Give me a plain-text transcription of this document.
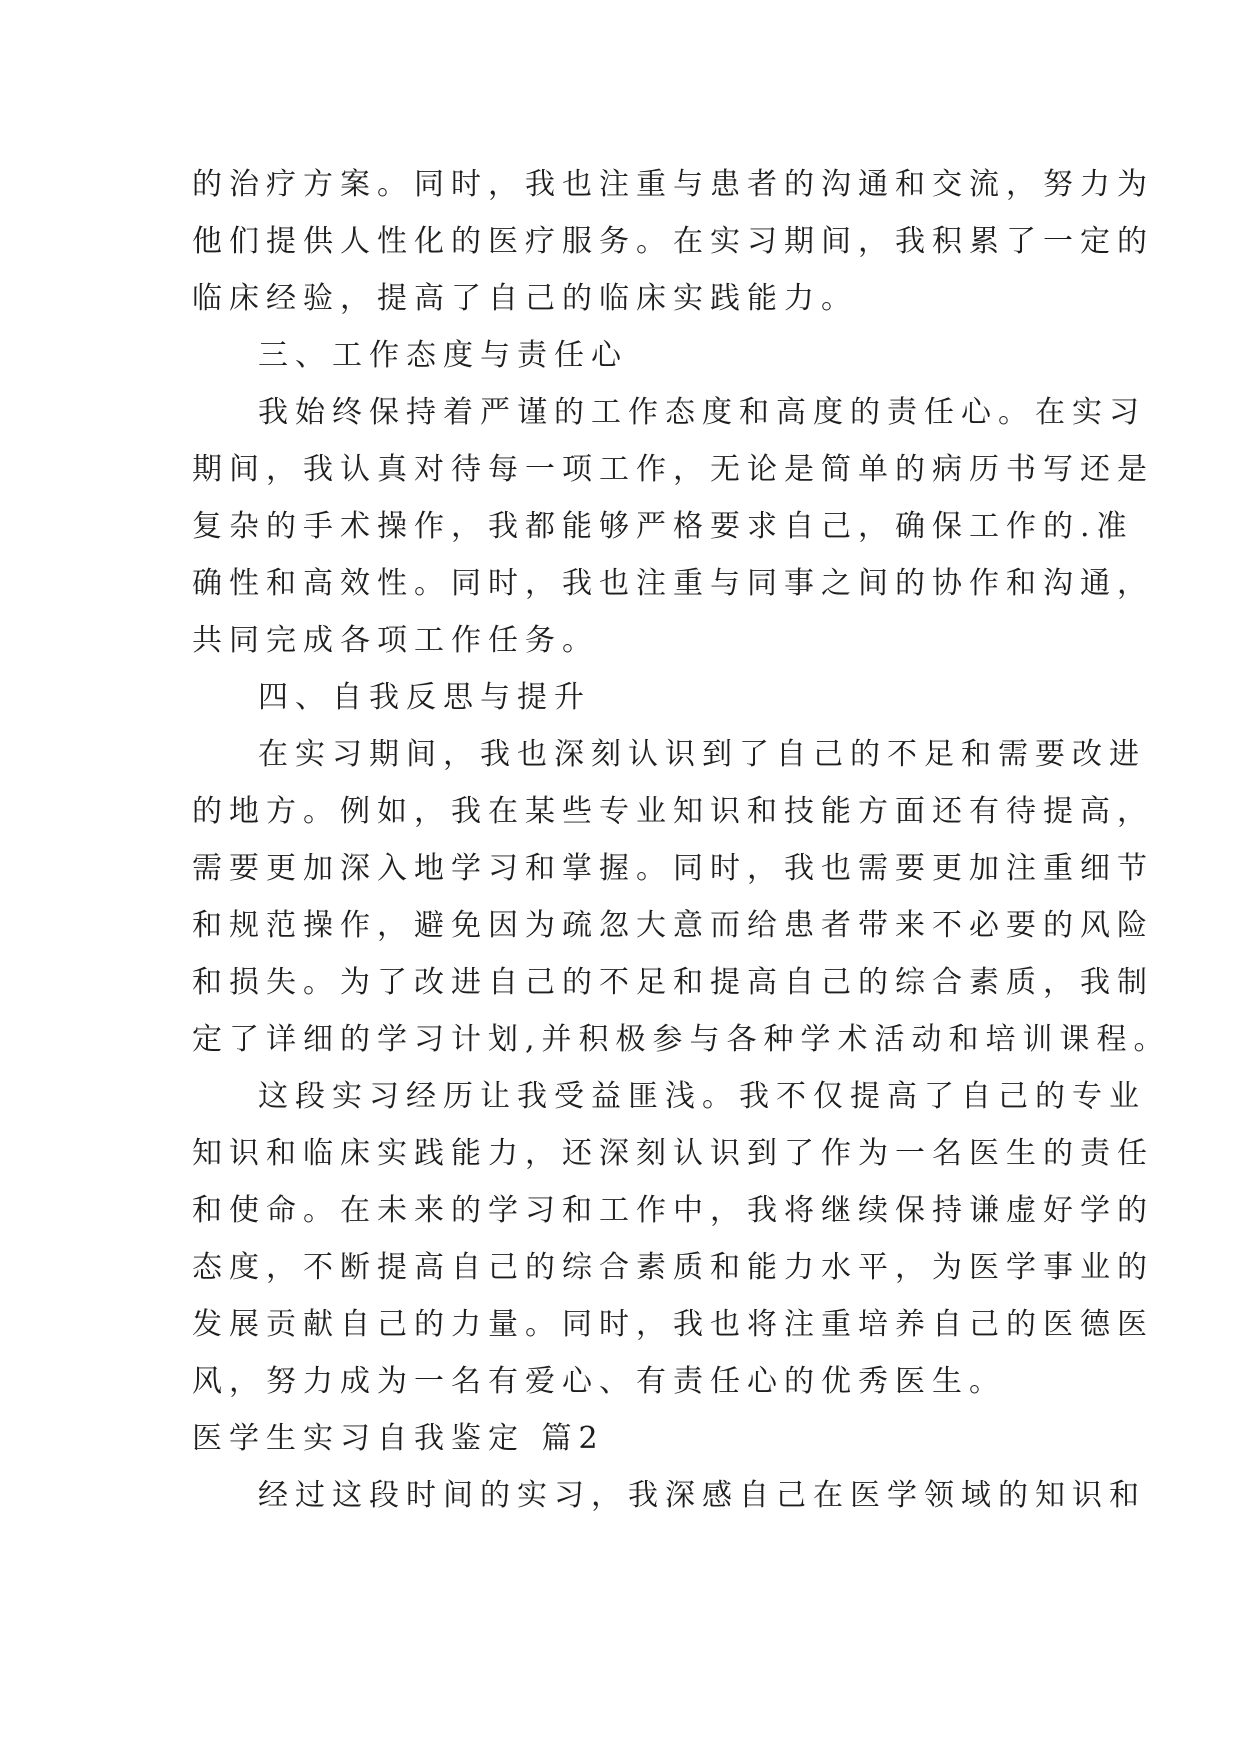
的治疗方案。同时，我也注重与患者的沟通和交流，努力为
他们提供人性化的医疗服务。在实习期间，我积累了一定的
临床经验，提高了自己的临床实践能力。
三、工作态度与责任心
我始终保持着严谨的工作态度和高度的责任心。在实习
期间，我认真对待每一项工作，无论是简单的病历书写还是
复杂的手术操作，我都能够严格要求自己，确保工作的.准
确性和高效性。同时，我也注重与同事之间的协作和沟通，
共同完成各项工作任务。
四、自我反思与提升
在实习期间，我也深刻认识到了自己的不足和需要改进
的地方。例如，我在某些专业知识和技能方面还有待提高，
需要更加深入地学习和掌握。同时，我也需要更加注重细节
和规范操作，避免因为疏忽大意而给患者带来不必要的风险
和损失。为了改进自己的不足和提高自己的综合素质，我制
定了详细的学习计划,并积极参与各种学术活动和培训课程。
这段实习经历让我受益匪浅。我不仅提高了自己的专业
知识和临床实践能力，还深刻认识到了作为一名医生的责任
和使命。在未来的学习和工作中，我将继续保持谦虚好学的
态度，不断提高自己的综合素质和能力水平，为医学事业的
发展贡献自己的力量。同时，我也将注重培养自己的医德医
风，努力成为一名有爱心、有责任心的优秀医生。
医学生实习自我鉴定 篇2
经过这段时间的实习，我深感自己在医学领域的知识和
